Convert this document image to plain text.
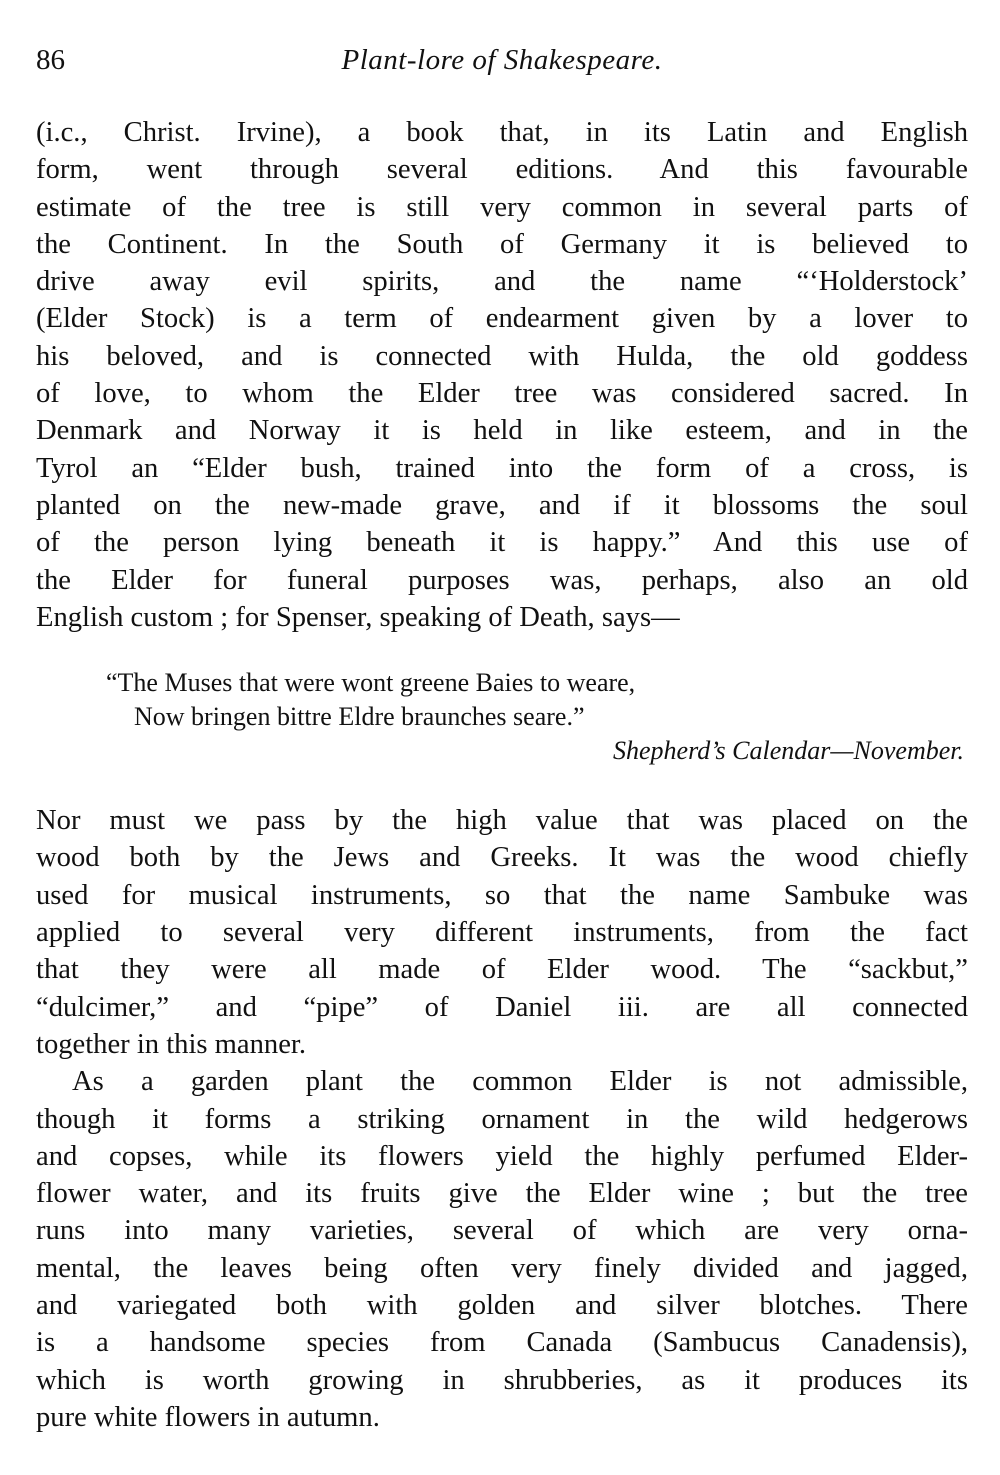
86	Plant-lore of Shakespeare.
(i.c., Christ. Irvine), a book that, in its Latin and English
form, went through several editions. And this favourable
estimate of the tree is still very common in several parts of
the Continent. In the South of Germany it is believed to
drive away evil spirits, and the name “‘Holderstock’
(Elder Stock) is a term of endearment given by a lover to
his beloved, and is connected with Hulda, the old goddess
of love, to whom the Elder tree was considered sacred. In
Denmark and Norway it is held in like esteem, and in the
Tyrol an “Elder bush, trained into the form of a cross, is
planted on the new-made grave, and if it blossoms the soul
of the person lying beneath it is happy.” And this use of
the Elder for funeral purposes was, perhaps, also an old
English custom ; for Spenser, speaking of Death, says—
“The Muses that were wont greene Baies to weare,
Now bringen bittre Eldre braunches seare.”
Shepherd’s Calendar—November.
Nor must we pass by the high value that was placed on the
wood both by the Jews and Greeks. It was the wood chiefly
used for musical instruments, so that the name Sambuke was
applied to several very different instruments, from the fact
that they were all made of Elder wood. The “sackbut,”
“dulcimer,” and “pipe” of Daniel iii. are all connected
together in this manner.
As a garden plant the common Elder is not admissible,
though it forms a striking ornament in the wild hedgerows
and copses, while its flowers yield the highly perfumed Elder-
flower water, and its fruits give the Elder wine ; but the tree
runs into many varieties, several of which are very orna-
mental, the leaves being often very finely divided and jagged,
and variegated both with golden and silver blotches. There
is a handsome species from Canada (Sambucus Canadensis),
which is worth growing in shrubberies, as it produces its
pure white flowers in autumn.
